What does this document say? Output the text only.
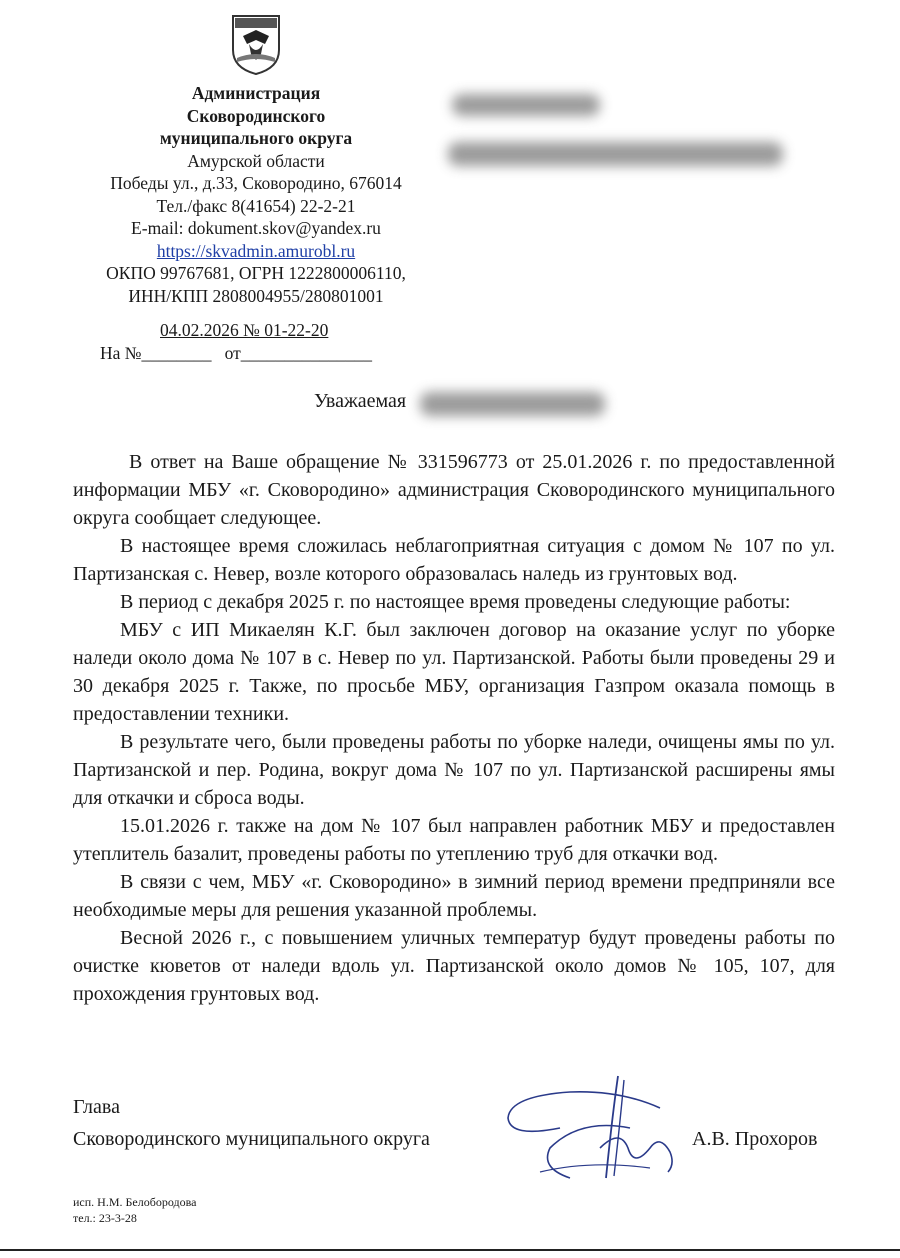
Администрация
Сковородинского
муниципального округа
Амурской области
Победы ул., д.33, Сковородино, 676014
Тел./факс 8(41654) 22-2-21
E-mail: dokument.skov@yandex.ru
https://skvadmin.amurobl.ru
ОКПО 99767681, ОГРН 1222800006110,
ИНН/КПП 2808004955/280801001
04.02.2026 № 01-22-20
На №________   от_______________
Уважаемая

В ответ на Ваше обращение № 331596773 от 25.01.2026 г. по предоставленной информации МБУ «г. Сковородино» администрация Сковородинского муниципального округа сообщает следующее.

В настоящее время сложилась неблагоприятная ситуация с домом № 107 по ул. Партизанская с. Невер, возле которого образовалась наледь из грунтовых вод.

В период с декабря 2025 г. по настоящее время проведены следующие работы:

МБУ с ИП Микаелян К.Г. был заключен договор на оказание услуг по уборке наледи около дома № 107 в с. Невер по ул. Партизанской. Работы были проведены 29 и 30 декабря 2025 г. Также, по просьбе МБУ, организация Газпром оказала помощь в предоставлении техники.

В результате чего, были проведены работы по уборке наледи, очищены ямы по ул. Партизанской и пер. Родина, вокруг дома № 107 по ул. Партизанской расширены ямы для откачки и сброса воды.

15.01.2026 г. также на дом № 107 был направлен работник МБУ и предоставлен утеплитель базалит, проведены работы по утеплению труб для откачки вод.

В связи с чем, МБУ «г. Сковородино» в зимний период времени предприняли все необходимые меры для решения указанной проблемы.

Весной 2026 г., с повышением уличных температур будут проведены работы по очистке кюветов от наледи вдоль ул. Партизанской около домов № 105, 107, для прохождения грунтовых вод.

Глава
Сковородинского муниципального округа	А.В. Прохоров
исп. Н.М. Белобородова
тел.: 23-3-28
